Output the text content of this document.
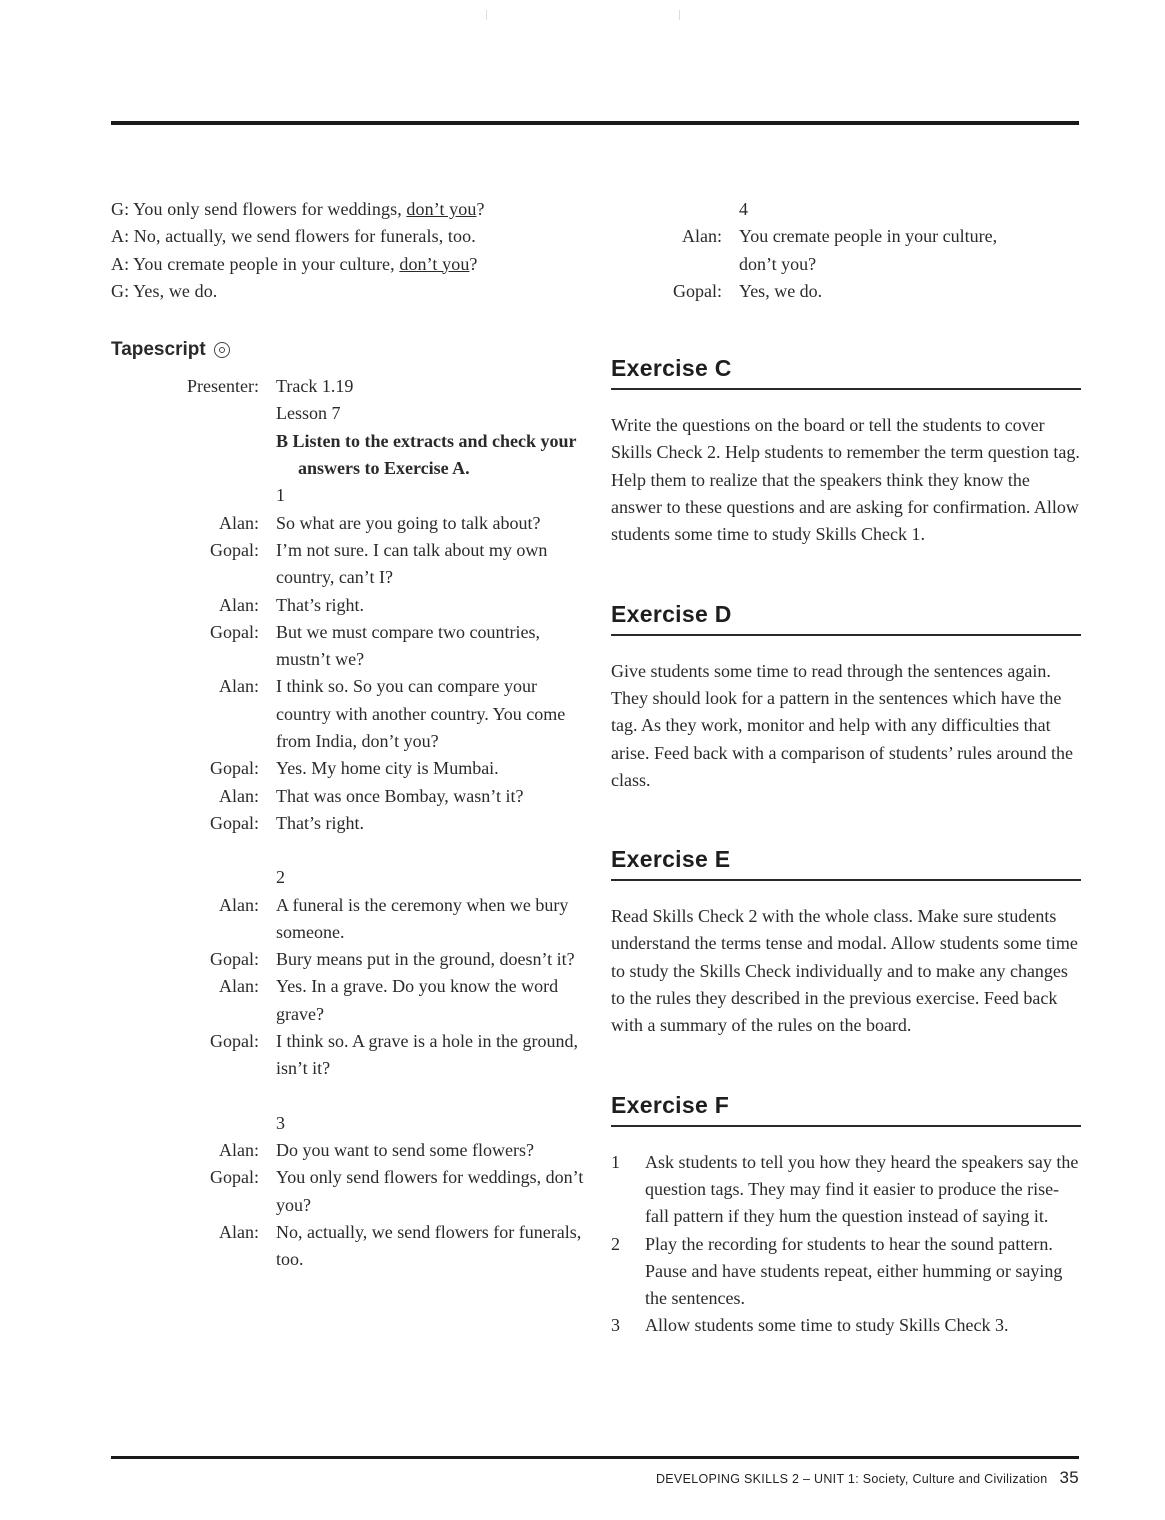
G: You only send flowers for weddings, don’t you?
A: No, actually, we send flowers for funerals, too.
A: You cremate people in your culture, don’t you?
G: Yes, we do.
Tapescript
Presenter: Track 1.19
Lesson 7
B Listen to the extracts and check your answers to Exercise A.
1
Alan: So what are you going to talk about?
Gopal: I’m not sure. I can talk about my own country, can’t I?
Alan: That’s right.
Gopal: But we must compare two countries, mustn’t we?
Alan: I think so. So you can compare your country with another country. You come from India, don’t you?
Gopal: Yes. My home city is Mumbai.
Alan: That was once Bombay, wasn’t it?
Gopal: That’s right.
2
Alan: A funeral is the ceremony when we bury someone.
Gopal: Bury means put in the ground, doesn’t it?
Alan: Yes. In a grave. Do you know the word grave?
Gopal: I think so. A grave is a hole in the ground, isn’t it?
3
Alan: Do you want to send some flowers?
Gopal: You only send flowers for weddings, don’t you?
Alan: No, actually, we send flowers for funerals, too.
4
Alan: You cremate people in your culture, don’t you?
Gopal: Yes, we do.
Exercise C
Write the questions on the board or tell the students to cover Skills Check 2. Help students to remember the term question tag. Help them to realize that the speakers think they know the answer to these questions and are asking for confirmation. Allow students some time to study Skills Check 1.
Exercise D
Give students some time to read through the sentences again. They should look for a pattern in the sentences which have the tag. As they work, monitor and help with any difficulties that arise. Feed back with a comparison of students’ rules around the class.
Exercise E
Read Skills Check 2 with the whole class. Make sure students understand the terms tense and modal. Allow students some time to study the Skills Check individually and to make any changes to the rules they described in the previous exercise. Feed back with a summary of the rules on the board.
Exercise F
1	Ask students to tell you how they heard the speakers say the question tags. They may find it easier to produce the rise-fall pattern if they hum the question instead of saying it.
2	Play the recording for students to hear the sound pattern. Pause and have students repeat, either humming or saying the sentences.
3	Allow students some time to study Skills Check 3.
DEVELOPING SKILLS 2 – UNIT 1: Society, Culture and Civilization 35
